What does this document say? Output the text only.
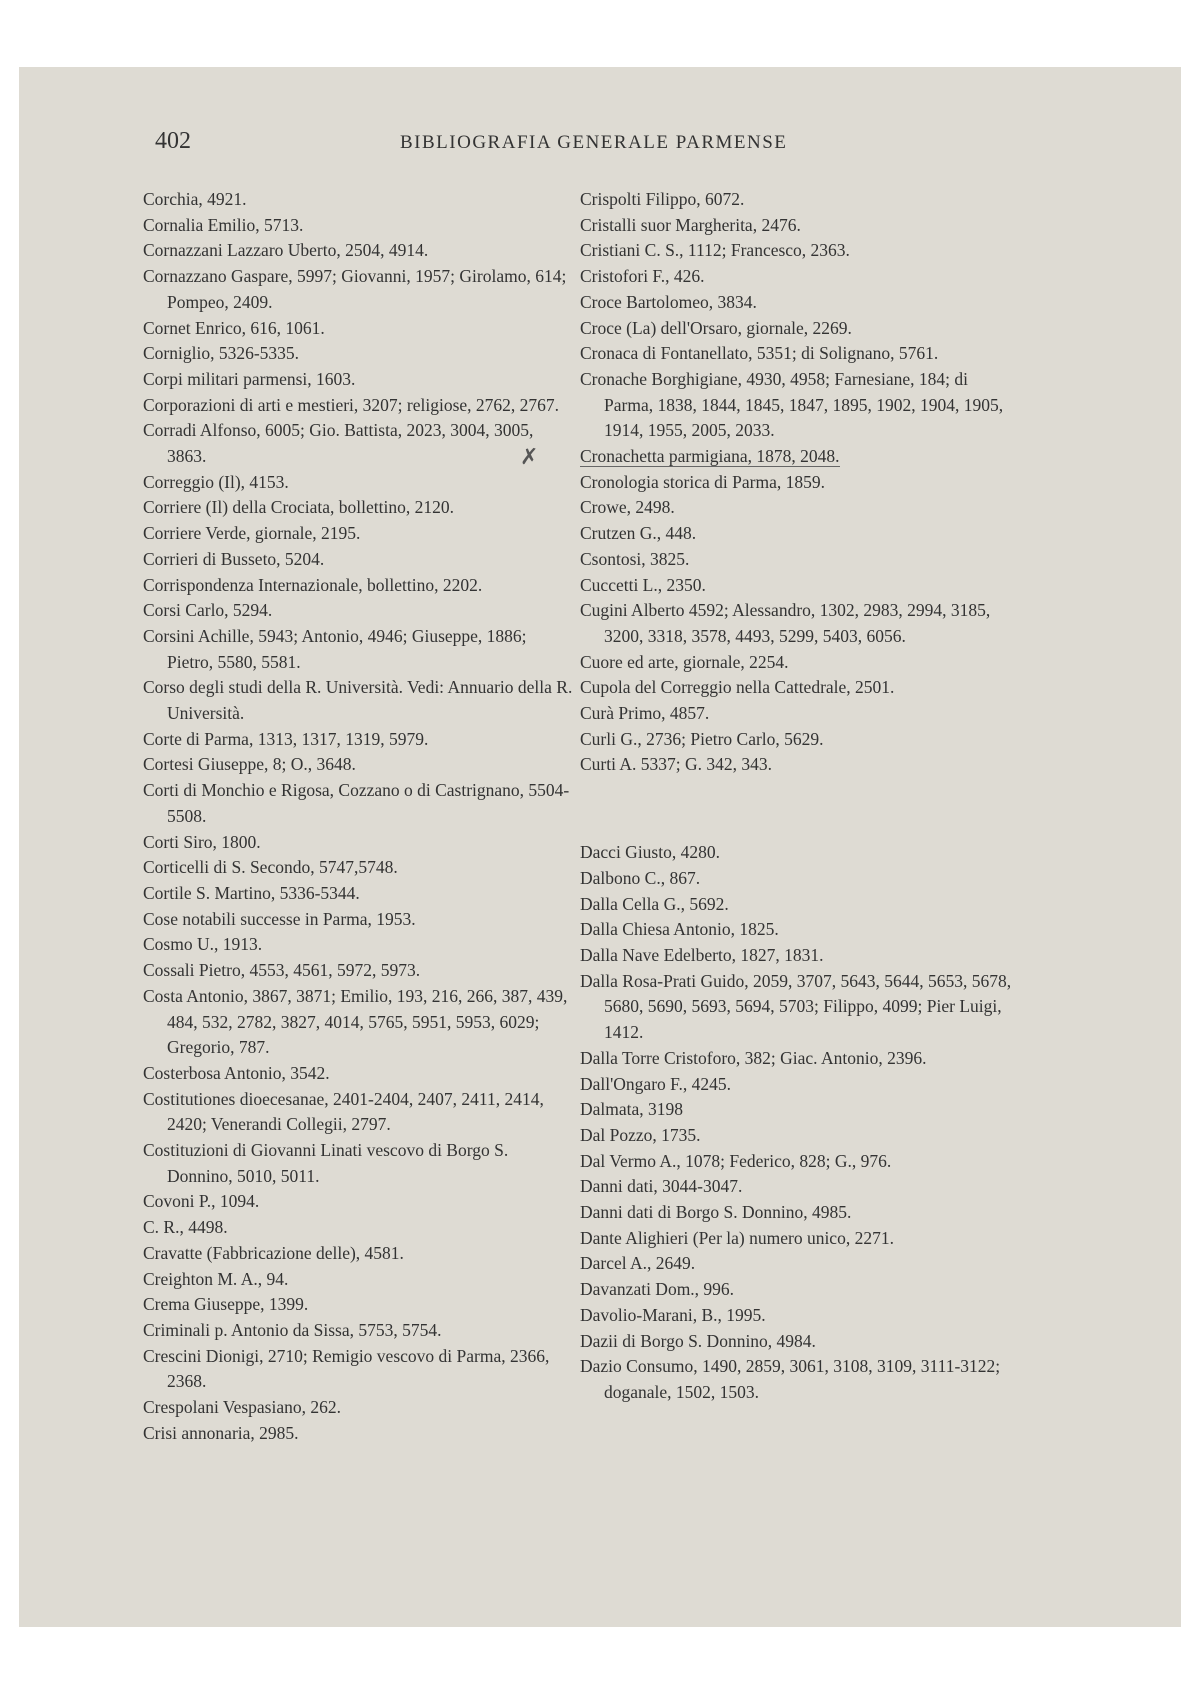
402	BIBLIOGRAFIA GENERALE PARMENSE
Corchia, 4921.
Cornalia Emilio, 5713.
Cornazzani Lazzaro Uberto, 2504, 4914.
Cornazzano Gaspare, 5997; Giovanni, 1957; Girolamo, 614; Pompeo, 2409.
Cornet Enrico, 616, 1061.
Corniglio, 5326-5335.
Corpi militari parmensi, 1603.
Corporazioni di arti e mestieri, 3207; religiose, 2762, 2767.
Corradi Alfonso, 6005; Gio. Battista, 2023, 3004, 3005, 3863.
Correggio (Il), 4153.
Corriere (Il) della Crociata, bollettino, 2120.
Corriere Verde, giornale, 2195.
Corrieri di Busseto, 5204.
Corrispondenza Internazionale, bollettino, 2202.
Corsi Carlo, 5294.
Corsini Achille, 5943; Antonio, 4946; Giuseppe, 1886; Pietro, 5580, 5581.
Corso degli studi della R. Università. Vedi: Annuario della R. Università.
Corte di Parma, 1313, 1317, 1319, 5979.
Cortesi Giuseppe, 8; O., 3648.
Corti di Monchio e Rigosa, Cozzano o di Castrignano, 5504-5508.
Corti Siro, 1800.
Corticelli di S. Secondo, 5747,5748.
Cortile S. Martino, 5336-5344.
Cose notabili successe in Parma, 1953.
Cosmo U., 1913.
Cossali Pietro, 4553, 4561, 5972, 5973.
Costa Antonio, 3867, 3871; Emilio, 193, 216, 266, 387, 439, 484, 532, 2782, 3827, 4014, 5765, 5951, 5953, 6029; Gregorio, 787.
Costerbosa Antonio, 3542.
Costitutiones dioecesanae, 2401-2404, 2407, 2411, 2414, 2420; Venerandi Collegii, 2797.
Costituzioni di Giovanni Linati vescovo di Borgo S. Donnino, 5010, 5011.
Covoni P., 1094.
C. R., 4498.
Cravatte (Fabbricazione delle), 4581.
Creighton M. A., 94.
Crema Giuseppe, 1399.
Criminali p. Antonio da Sissa, 5753, 5754.
Crescini Dionigi, 2710; Remigio vescovo di Parma, 2366, 2368.
Crespolani Vespasiano, 262.
Crisi annonaria, 2985.
Crispolti Filippo, 6072.
Cristalli suor Margherita, 2476.
Cristiani C. S., 1112; Francesco, 2363.
Cristofori F., 426.
Croce Bartolomeo, 3834.
Croce (La) dell'Orsaro, giornale, 2269.
Cronaca di Fontanellato, 5351; di Solignano, 5761.
Cronache Borghigiane, 4930, 4958; Farnesiane, 184; di Parma, 1838, 1844, 1845, 1847, 1895, 1902, 1904, 1905, 1914, 1955, 2005, 2033.
✗	Cronachetta parmigiana, 1878, 2048.
Cronologia storica di Parma, 1859.
Crowe, 2498.
Crutzen G., 448.
Csontosi, 3825.
Cuccetti L., 2350.
Cugini Alberto 4592; Alessandro, 1302, 2983, 2994, 3185, 3200, 3318, 3578, 4493, 5299, 5403, 6056.
Cuore ed arte, giornale, 2254.
Cupola del Correggio nella Cattedrale, 2501.
Curà Primo, 4857.
Curli G., 2736; Pietro Carlo, 5629.
Curti A. 5337; G. 342, 343.
Dacci Giusto, 4280.
Dalbono C., 867.
Dalla Cella G., 5692.
Dalla Chiesa Antonio, 1825.
Dalla Nave Edelberto, 1827, 1831.
Dalla Rosa-Prati Guido, 2059, 3707, 5643, 5644, 5653, 5678, 5680, 5690, 5693, 5694, 5703; Filippo, 4099; Pier Luigi, 1412.
Dalla Torre Cristoforo, 382; Giac. Antonio, 2396.
Dall'Ongaro F., 4245.
Dalmata, 3198
Dal Pozzo, 1735.
Dal Vermo A., 1078; Federico, 828; G., 976.
Danni dati, 3044-3047.
Danni dati di Borgo S. Donnino, 4985.
Dante Alighieri (Per la) numero unico, 2271.
Darcel A., 2649.
Davanzati Dom., 996.
Davolio-Marani, B., 1995.
Dazii di Borgo S. Donnino, 4984.
Dazio Consumo, 1490, 2859, 3061, 3108, 3109, 3111-3122; doganale, 1502, 1503.
